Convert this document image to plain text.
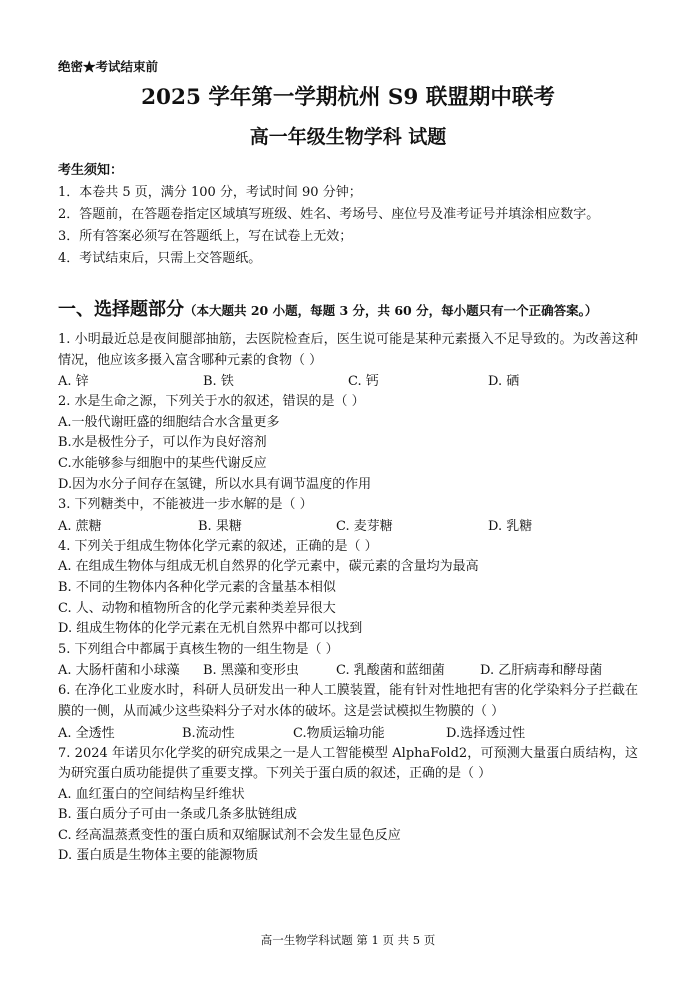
绝密★考试结束前
2025 学年第一学期杭州 S9 联盟期中联考
高一年级生物学科 试题
考生须知：
1．本卷共 5 页，满分 100 分，考试时间 90 分钟；
2．答题前，在答题卷指定区域填写班级、姓名、考场号、座位号及准考证号并填涂相应数字。
3．所有答案必须写在答题纸上，写在试卷上无效；
4．考试结束后，只需上交答题纸。
一、选择题部分（本大题共 20 小题，每题 3 分，共 60 分，每小题只有一个正确答案。）
1. 小明最近总是夜间腿部抽筋，去医院检查后，医生说可能是某种元素摄入不足导致的。为改善这种情况，他应该多摄入富含哪种元素的食物（ ）
A. 锌	B. 铁	C. 钙	D. 硒
2. 水是生命之源，下列关于水的叙述，错误的是（ ）
A.一般代谢旺盛的细胞结合水含量更多
B.水是极性分子，可以作为良好溶剂
C.水能够参与细胞中的某些代谢反应
D.因为水分子间存在氢键，所以水具有调节温度的作用
3. 下列糖类中，不能被进一步水解的是（ ）
A. 蔗糖	B. 果糖	C. 麦芽糖	D. 乳糖
4. 下列关于组成生物体化学元素的叙述，正确的是（ ）
A. 在组成生物体与组成无机自然界的化学元素中，碳元素的含量均为最高
B. 不同的生物体内各种化学元素的含量基本相似
C. 人、动物和植物所含的化学元素种类差异很大
D. 组成生物体的化学元素在无机自然界中都可以找到
5. 下列组合中都属于真核生物的一组生物是（ ）
A. 大肠杆菌和小球藻 B. 黑藻和变形虫	C. 乳酸菌和蓝细菌	D. 乙肝病毒和酵母菌
6. 在净化工业废水时，科研人员研发出一种人工膜装置，能有针对性地把有害的化学染料分子拦截在膜的一侧，从而减少这些染料分子对水体的破坏。这是尝试模拟生物膜的（ ）
A. 全透性	B.流动性	C.物质运输功能	D.选择透过性
7. 2024 年诺贝尔化学奖的研究成果之一是人工智能模型 AlphaFold2，可预测大量蛋白质结构，这为研究蛋白质功能提供了重要支撑。下列关于蛋白质的叙述，正确的是（ ）
A. 血红蛋白的空间结构呈纤维状
B. 蛋白质分子可由一条或几条多肽链组成
C. 经高温蒸煮变性的蛋白质和双缩脲试剂不会发生显色反应
D. 蛋白质是生物体主要的能源物质
高一生物学科试题 第 1 页 共 5 页
